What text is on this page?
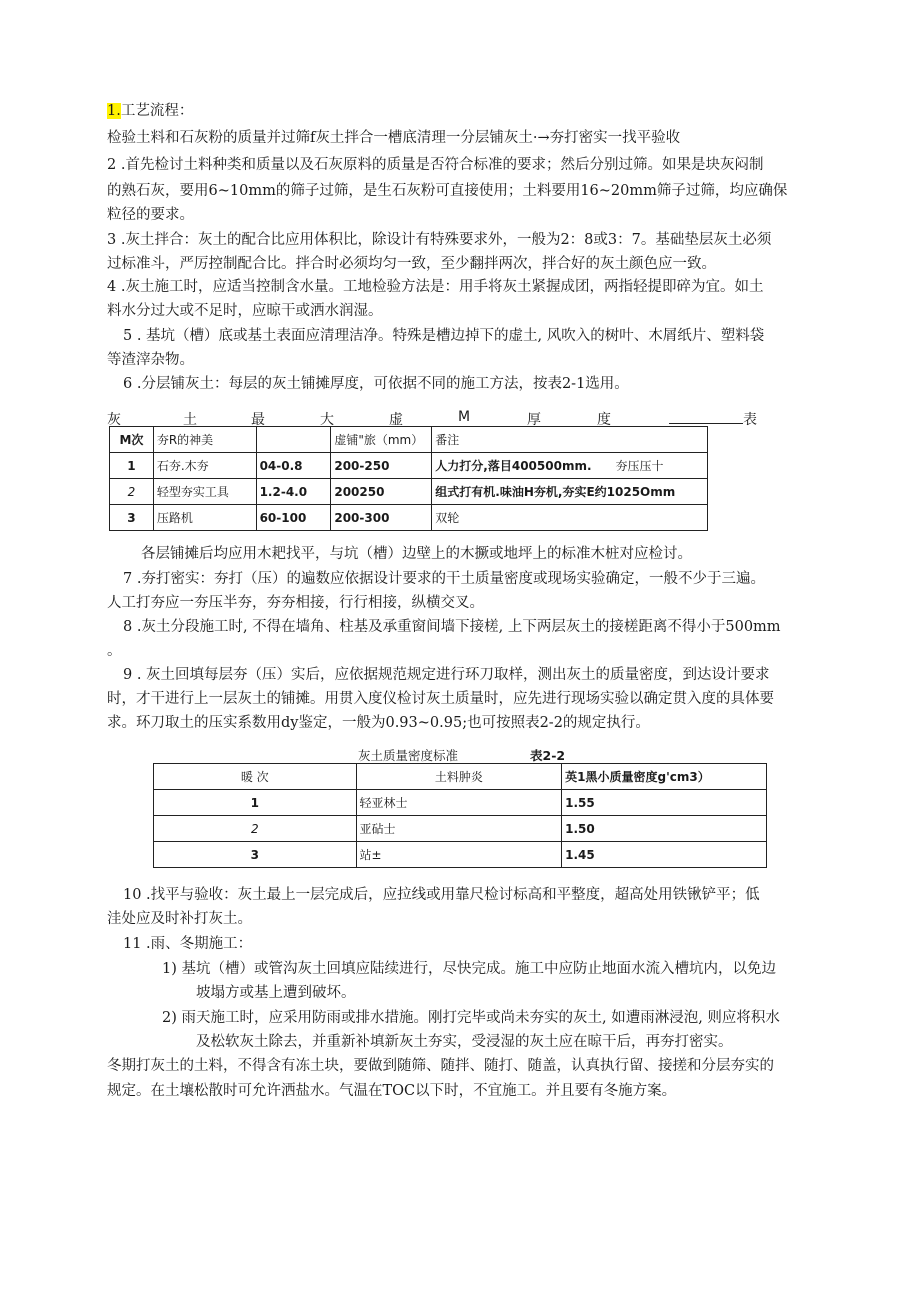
1.工艺流程：
检验土料和石灰粉的质量并过筛f灰土拌合一槽底清理一分层铺灰土·→夯打密实一找平验收
2 .首先检讨土料种类和质量以及石灰原料的质量是否符合标准的要求；然后分别过筛。如果是块灰闷制
的熟石灰，要用6~10mm的筛子过筛，是生石灰粉可直接使用；土料要用16~20mm筛子过筛，均应确保
粒径的要求。
3 .灰土拌合：灰土的配合比应用体积比，除设计有特殊要求外，一般为2：8或3：7。基础垫层灰土必须
过标准斗，严厉控制配合比。拌合时必须均匀一致，至少翻拌两次，拌合好的灰土颜色应一致。
4 .灰土施工时，应适当控制含水量。工地检验方法是：用手将灰土紧握成团，两指轻提即碎为宜。如土
料水分过大或不足时，应晾干或洒水润湿。
5 . 基坑（槽）底或基土表面应清理洁净。特殊是槽边掉下的虚土, 风吹入的树叶、木屑纸片、塑料袋
等渣滓杂物。
6 .分层铺灰土：每层的灰土铺摊厚度，可依据不同的施工方法，按表2-1选用。
灰	土	最	大	虚	M	厚	度	表
M次	夯R的神美		虚铺"旅（mm）	番注
1	石夯.木夯	04-0.8	200-250	人力打分,落目400500mm. 夯压压十
2	轻型夯实工具	1.2-4.0	200250	组式打有机.味油H夯机,夯实E约1025Omm
3	压路机	60-100	200-300	双轮
各层铺摊后均应用木耙找平，与坑（槽）边壁上的木撅或地坪上的标准木桩对应检讨。
7 .夯打密实：夯打（压）的遍数应依据设计要求的干土质量密度或现场实验确定，一般不少于三遍。
人工打夯应一夯压半夯，夯夯相接，行行相接，纵横交叉。
8 .灰土分段施工时, 不得在墙角、柱基及承重窗间墙下接槎, 上下两层灰土的接槎距离不得小于500mm
。
9 . 灰土回填每层夯（压）实后，应依据规范规定进行环刀取样，测出灰土的质量密度，到达设计要求
时，才干进行上一层灰土的铺摊。用贯入度仪检讨灰土质量时，应先进行现场实验以确定贯入度的具体要
求。环刀取土的压实系数用dy鉴定，一般为0.93~0.95;也可按照表2-2的规定执行。
灰土质量密度标准	表2-2
暖 次	土料肿炎	英1黑小质量密度g'cm3）
1	轻亚林士	1.55
2	亚砧士	1.50
3	站±	1.45
10 .找平与验收：灰土最上一层完成后，应拉线或用靠尺检讨标高和平整度，超高处用铁锹铲平；低
洼处应及时补打灰土。
11 .雨、冬期施工：
1) 基坑（槽）或管沟灰土回填应陆续进行，尽快完成。施工中应防止地面水流入槽坑内，以免边
坡塌方或基上遭到破坏。
2) 雨天施工时，应采用防雨或排水措施。刚打完毕或尚未夯实的灰土, 如遭雨淋浸泡, 则应将积水
及松软灰土除去，并重新补填新灰土夯实，受浸湿的灰土应在晾干后，再夯打密实。
冬期打灰土的土料，不得含有冻土块，要做到随筛、随拌、随打、随盖，认真执行留、接搓和分层夯实的
规定。在土壤松散时可允许洒盐水。气温在TOC以下时，不宜施工。并且要有冬施方案。
